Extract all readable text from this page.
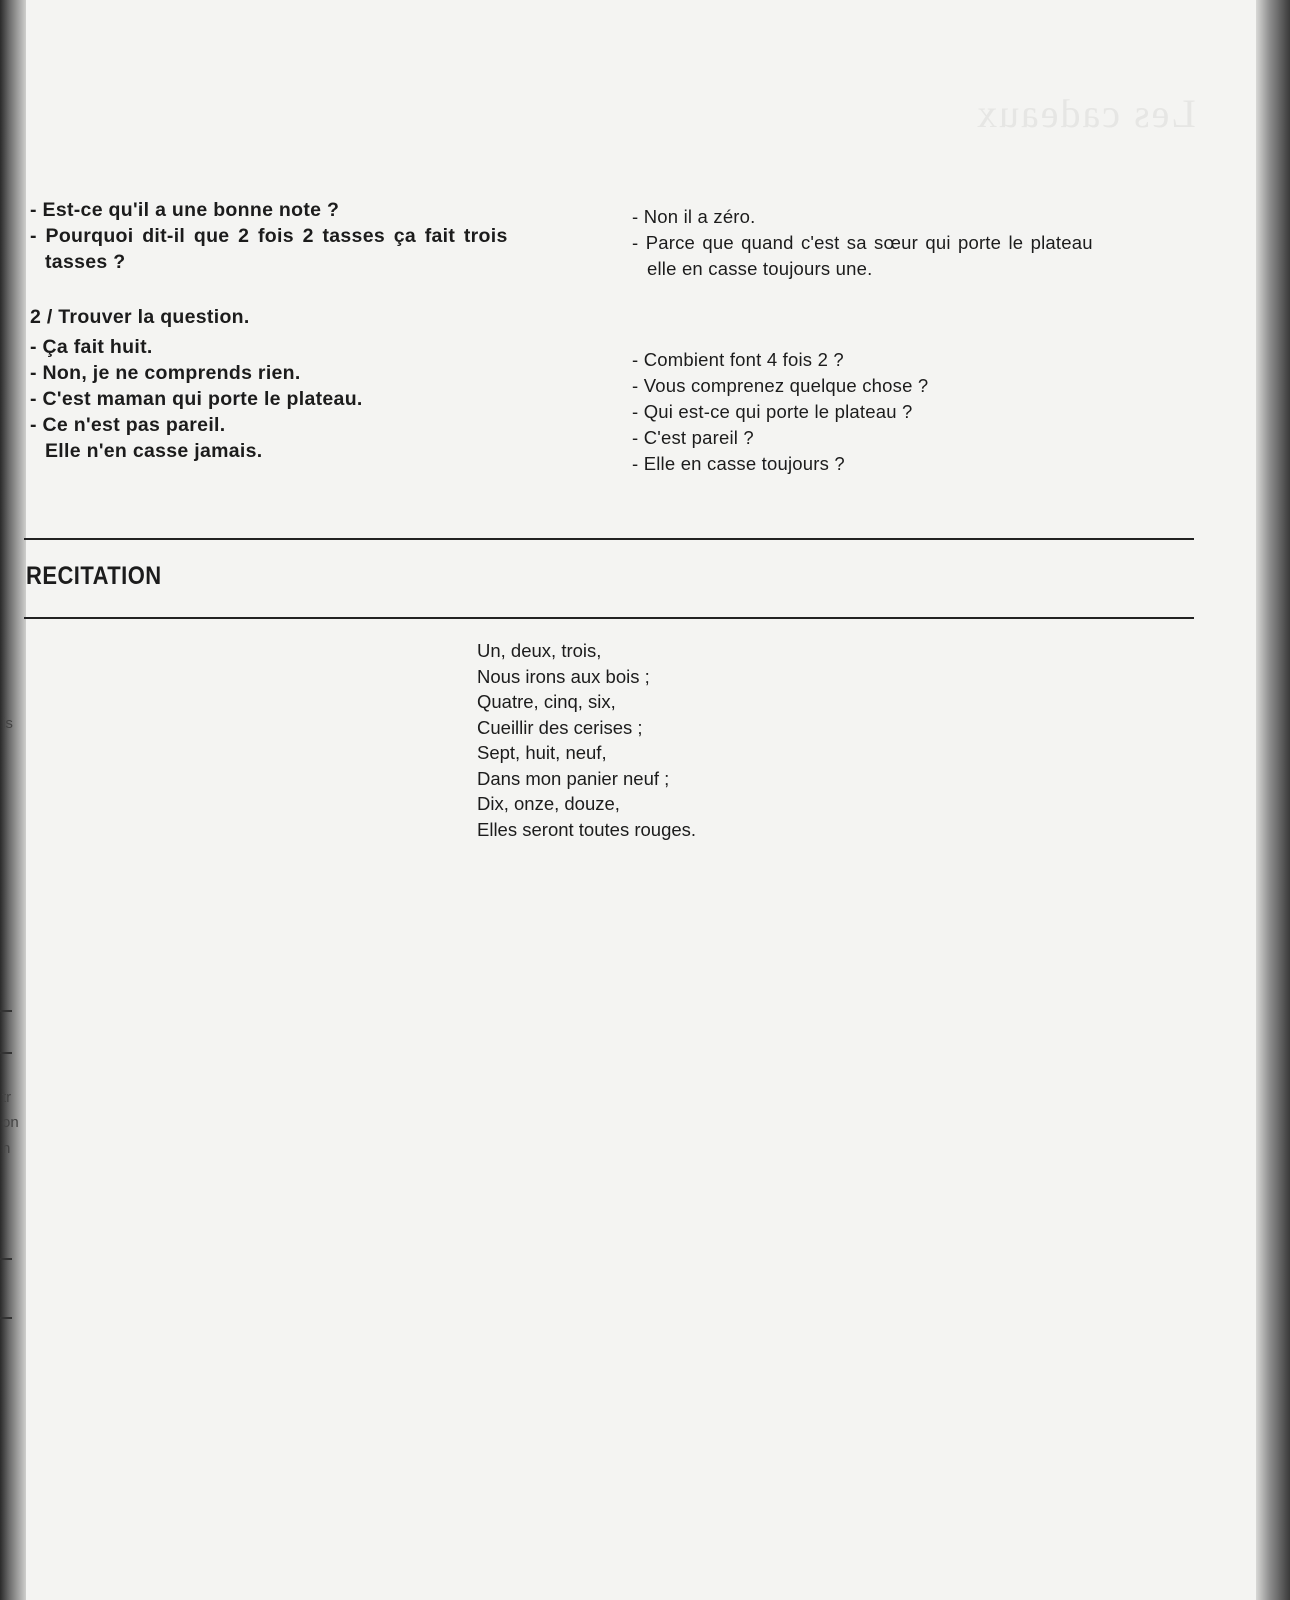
Les cadeaux
is
tr
on
n
- Est-ce qu'il a une bonne note ?
- Pourquoi dit-il que 2 fois 2 tasses ça fait trois
tasses ?
- Non il a zéro.
- Parce que quand c'est sa sœur qui porte le plateau
elle en casse toujours une.
2 / Trouver la question.
- Ça fait huit.
- Non, je ne comprends rien.
- C'est maman qui porte le plateau.
- Ce n'est pas pareil.
Elle n'en casse jamais.
- Combient font 4 fois 2 ?
- Vous comprenez quelque chose ?
- Qui est-ce qui porte le plateau ?
- C'est pareil ?
- Elle en casse toujours ?
RECITATION
Un, deux, trois,
Nous irons aux bois ;
Quatre, cinq, six,
Cueillir des cerises ;
Sept, huit, neuf,
Dans mon panier neuf ;
Dix, onze, douze,
Elles seront toutes rouges.
